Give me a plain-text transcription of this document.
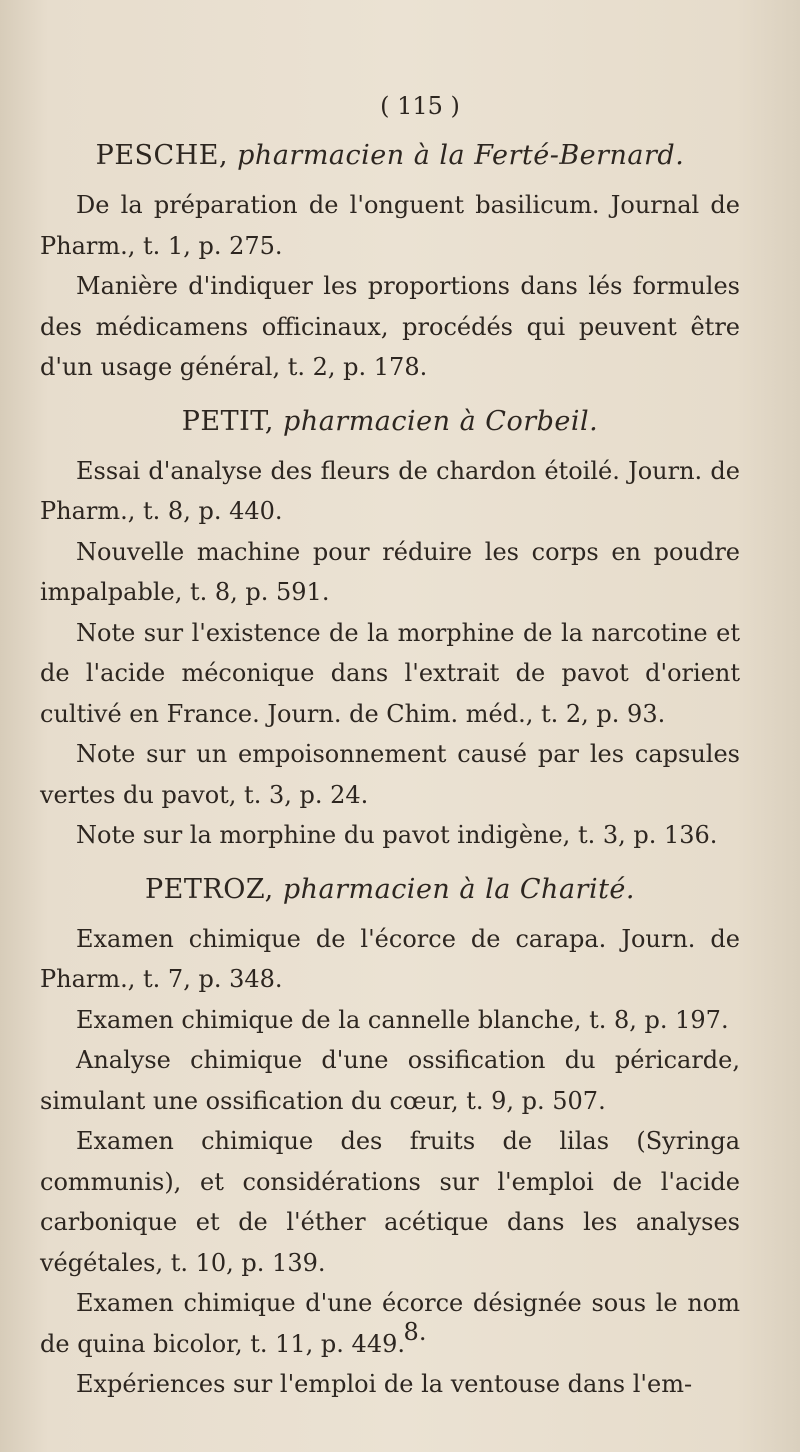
( 115 )
PESCHE, pharmacien à la Ferté-Bernard.

De la préparation de l'onguent basilicum. Journal de Pharm., t. 1, p. 275.

Manière d'indiquer les proportions dans lés formules des médicamens officinaux, procédés qui peuvent être d'un usage général, t. 2, p. 178.

PETIT, pharmacien à Corbeil.

Essai d'analyse des fleurs de chardon étoilé. Journ. de Pharm., t. 8, p. 440.

Nouvelle machine pour réduire les corps en poudre impalpable, t. 8, p. 591.

Note sur l'existence de la morphine de la narcotine et de l'acide méconique dans l'extrait de pavot d'orient cultivé en France. Journ. de Chim. méd., t. 2, p. 93.

Note sur un empoisonnement causé par les capsules vertes du pavot, t. 3, p. 24.

Note sur la morphine du pavot indigène, t. 3, p. 136.

PETROZ, pharmacien à la Charité.

Examen chimique de l'écorce de carapa. Journ. de Pharm., t. 7, p. 348.

Examen chimique de la cannelle blanche, t. 8, p. 197.

Analyse chimique d'une ossification du péricarde, simulant une ossification du cœur, t. 9, p. 507.

Examen chimique des fruits de lilas (Syringa communis), et considérations sur l'emploi de l'acide carbonique et de l'éther acétique dans les analyses végétales, t. 10, p. 139.

Examen chimique d'une écorce désignée sous le nom de quina bicolor, t. 11, p. 449.

Expériences sur l'emploi de la ventouse dans l'em-

8.
